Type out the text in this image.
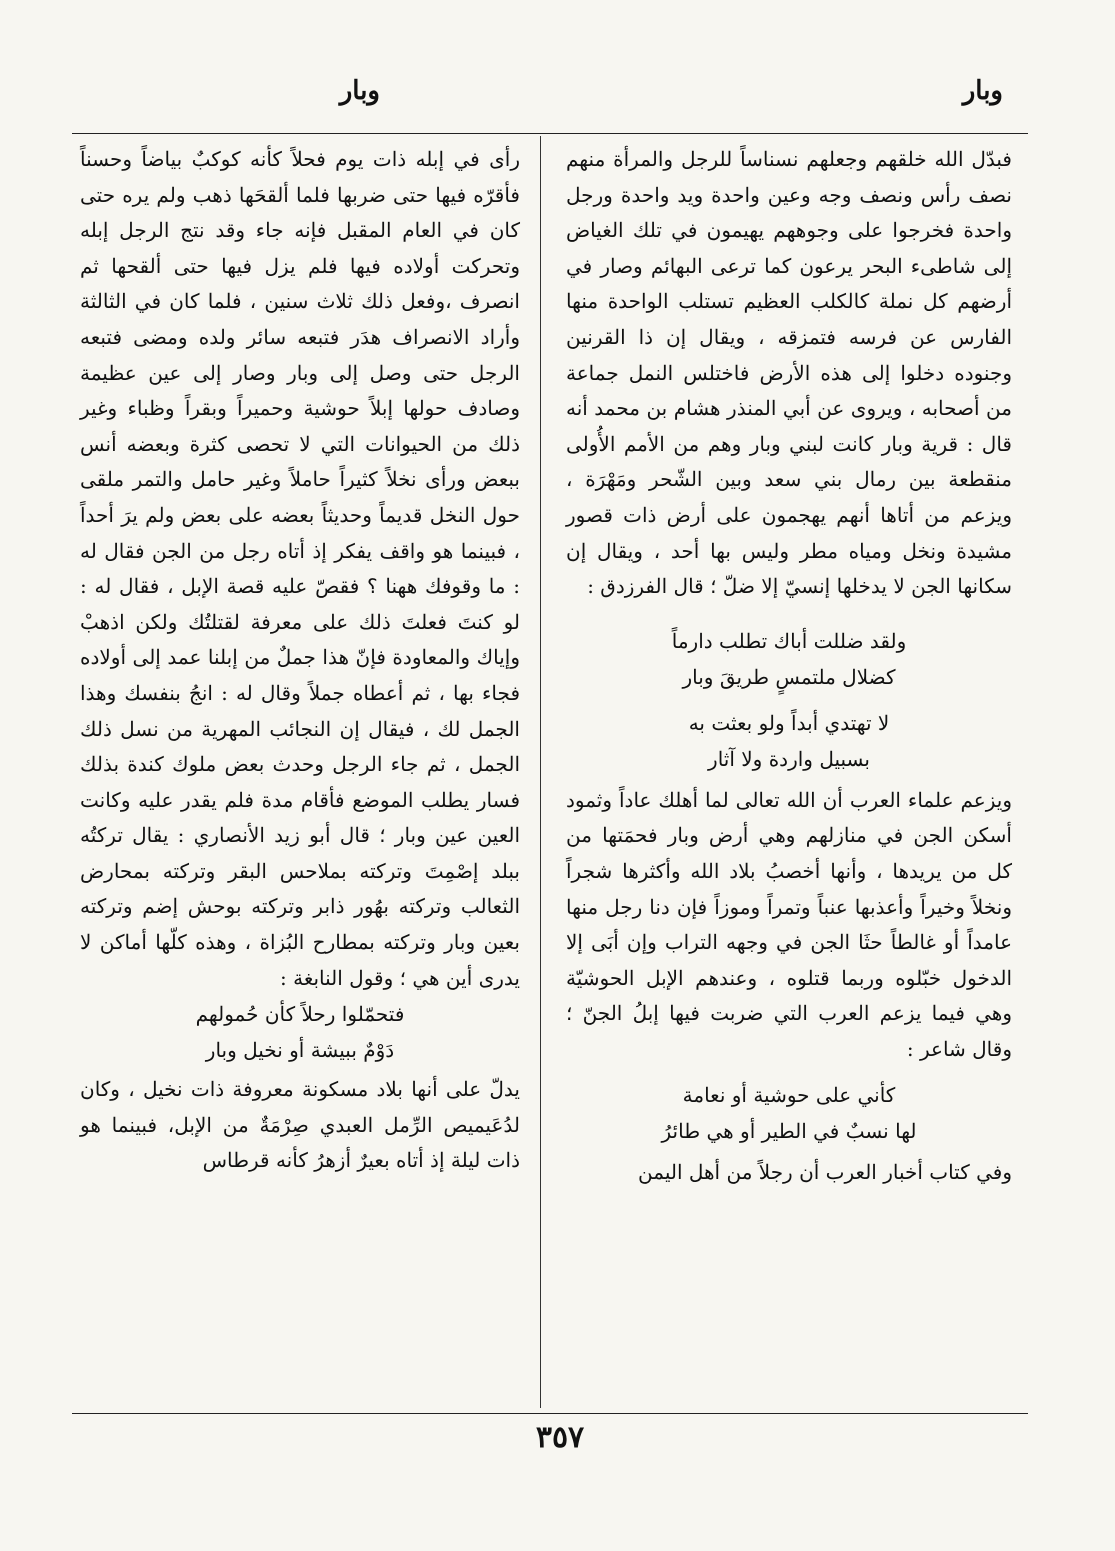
وبار
وبار

فبدّل الله خلقهم وجعلهم نسناساً للرجل والمرأة منهم نصف رأس ونصف وجه وعين واحدة ويد واحدة ورجل واحدة فخرجوا على وجوههم يهيمون في تلك الغياض إلى شاطىء البحر يرعون كما ترعى البهائم وصار في أرضهم كل نملة كالكلب العظيم تستلب الواحدة منها الفارس عن فرسه فتمزقه ، ويقال إن ذا القرنين وجنوده دخلوا إلى هذه الأرض فاختلس النمل جماعة من أصحابه ، ويروى عن أبي المنذر هشام بن محمد أنه قال : قرية وبار كانت لبني وبار وهم من الأمم الأُولى منقطعة بين رمال بني سعد وبين الشّحر ومَهْرَة ، ويزعم من أتاها أنهم يهجمون على أرض ذات قصور مشيدة ونخل ومياه مطر وليس بها أحد ، ويقال إن سكانها الجن لا يدخلها إنسيّ إلا ضلّ ؛ قال الفرزدق :

ولقد ضللت أباك تطلب دارماً
كضلال ملتمسٍ طريقَ وبار
لا تهتدي أبداً ولو بعثت به
بسبيل واردة ولا آثار

ويزعم علماء العرب أن الله تعالى لما أهلك عاداً وثمود أسكن الجن في منازلهم وهي أرض وبار فحمَتها من كل من يريدها ، وأنها أخصبُ بلاد الله وأكثرها شجراً ونخلاً وخيراً وأعذبها عنباً وتمراً وموزاً فإن دنا رجل منها عامداً أو غالطاً حثَا الجن في وجهه التراب وإن أبَى إلا الدخول خبّلوه وربما قتلوه ، وعندهم الإبل الحوشيّة وهي فيما يزعم العرب التي ضربت فيها إبلُ الجنّ ؛ وقال شاعر :

كأني على حوشية أو نعامة
لها نسبٌ في الطير أو هي طائرُ

وفي كتاب أخبار العرب أن رجلاً من أهل اليمن

رأى في إبله ذات يوم فحلاً كأنه كوكبٌ بياضاً وحسناً فأقرّه فيها حتى ضربها فلما ألقحَها ذهب ولم يره حتى كان في العام المقبل فإنه جاء وقد نتج الرجل إبله وتحركت أولاده فيها فلم يزل فيها حتى ألقحها ثم انصرف ،وفعل ذلك ثلاث سنين ، فلما كان في الثالثة وأراد الانصراف هدَر فتبعه سائر ولده ومضى فتبعه الرجل حتى وصل إلى وبار وصار إلى عين عظيمة وصادف حولها إبلاً حوشية وحميراً وبقراً وظباء وغير ذلك من الحيوانات التي لا تحصى كثرة وبعضه أنس ببعض ورأى نخلاً كثيراً حاملاً وغير حامل والتمر ملقى حول النخل قديماً وحديثاً بعضه على بعض ولم يرَ أحداً ، فبينما هو واقف يفكر إذ أتاه رجل من الجن فقال له : ما وقوفك ههنا ؟ فقصّ عليه قصة الإبل ، فقال له : لو كنتَ فعلتَ ذلك على معرفة لقتلتُك ولكن اذهبْ وإياك والمعاودة فإنّ هذا جملٌ من إبلنا عمد إلى أولاده فجاء بها ، ثم أعطاه جملاً وقال له : انجُ بنفسك وهذا الجمل لك ، فيقال إن النجائب المهرية من نسل ذلك الجمل ، ثم جاء الرجل وحدث بعض ملوك كندة بذلك فسار يطلب الموضع فأقام مدة فلم يقدر عليه وكانت العين عين وبار ؛ قال أبو زيد الأنصاري : يقال تركتُه ببلد إصْمِتَ وتركته بملاحس البقر وتركته بمحارض الثعالب وتركته بهُور ذابر وتركته بوحش إضم وتركته بعين وبار وتركته بمطارح البُزاة ، وهذه كلّها أماكن لا يدرى أين هي ؛ وقول النابغة :

فتحمّلوا رحلاً كأن حُمولهم
دَوْمٌ ببيشة أو نخيل وبار

يدلّ على أنها بلاد مسكونة معروفة ذات نخيل ، وكان لدُعَيميص الرِّمل العبدي صِرْمَةٌ من الإبل، فبينما هو ذات ليلة إذ أتاه بعيرٌ أزهرُ كأنه قرطاس

٣٥٧
